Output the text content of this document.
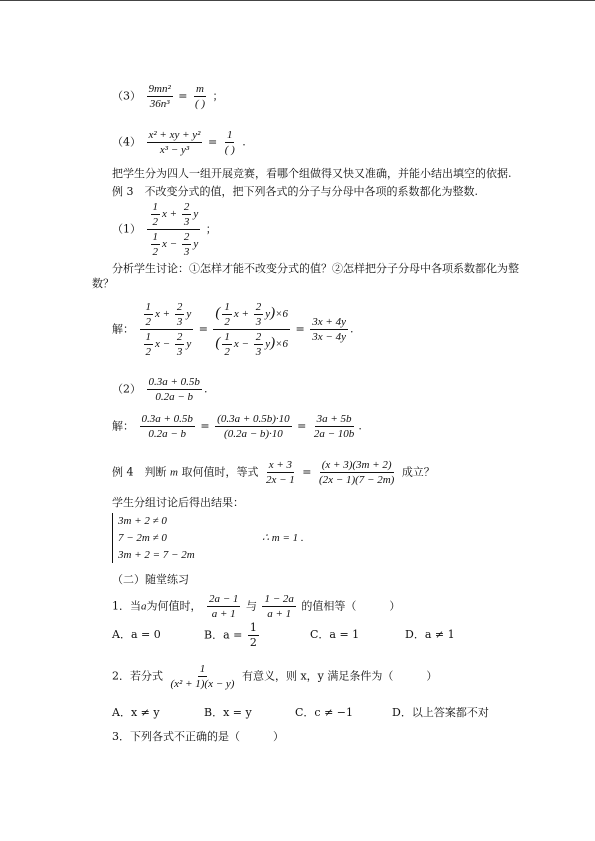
$(3) \frac{\text{9mn²}}{\text{36n³}} = \frac{m}{( )}$ ；
$(4) \frac{\text{x² + xy + y²}}{\text{x³ − y³}} = \frac{1}{( )}$ .
把学生分为四人一组开展竞赛，看哪个组做得又快又准确，并能小结出填空的依据.
例 3　不改变分式的值，把下列各式的分子与分母中各项的系数都化为整数.
$(1) \frac{\frac{1}{2} x + \frac{2}{3} y}{\frac{1}{2} x - \frac{2}{3} y}$ ；
分析学生讨论：①怎样才能不改变分式的值？②怎样把分子分母中各项系数都化为整
数？
解： $\frac{\frac{1}{2} x + \frac{2}{3} y}{\frac{1}{2} x - \frac{2}{3} y} = \frac{( \frac{1}{2} x + \frac{2}{3} y)\times 6}{( \frac{1}{2} x - \frac{2}{3} y)\times 6} = \frac{3x + 4y}{3x - 4y}$ .
$(2) \frac{0.3a + 0.5b}{0.2a - b}$ .
解： $\frac{0.3a + 0.5b}{0.2a - b} = \frac{(0.3a + 0.5b)\cdot 10}{(0.2a - b)\cdot 10} = \frac{3a + 5b}{2a - 10b}$ .
例 4　判断 m 取何值时，等式 $\frac{x + 3}{2x - 1} = \frac{(x + 3)(3m + 2)}{(2x - 1)(7 - 2m)}$ 成立？
学生分组讨论后得出结果：
3m + 2 ≠ 0
7 − 2m ≠ 0
3m + 2 = 7 − 2m
∴ m = 1 .
（二）随堂练习
1．当a为何值时， $\frac{2a - 1}{a + 1}$ 与 $\frac{1 - 2a}{a + 1}$ 的值相等（　　　）
A．a = 0	B．$a = \frac{1}{2}$	C．a = 1	D．a ≠ 1
2．若分式 $\frac{1}{\text{(x² + 1)(x − y)}}$ 有意义，则 x，y 满足条件为（　　　）
A．x ≠ y	B．x = y	C．c ≠ −1	D．以上答案都不对
3．下列各式不正确的是（　　　）
